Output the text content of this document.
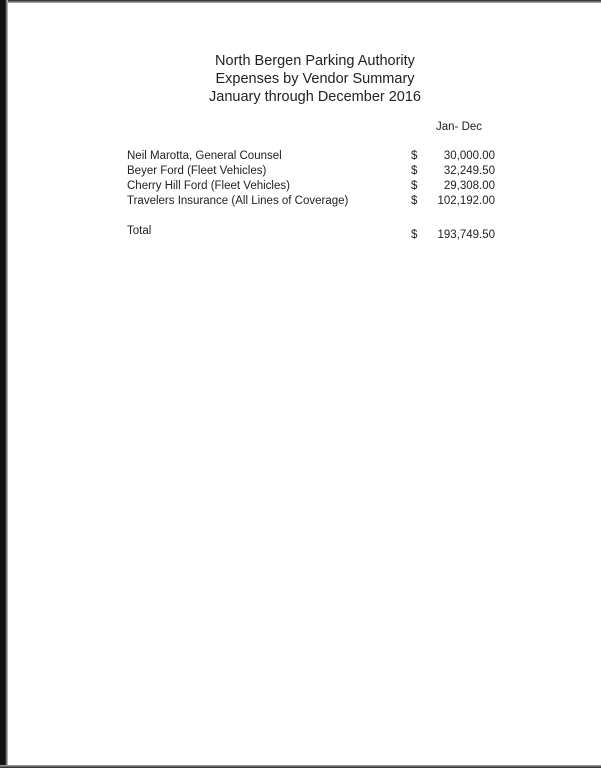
North Bergen Parking Authority
Expenses by Vendor Summary
January through December 2016
Jan- Dec
Neil Marotta, General Counsel	$ 30,000.00
Beyer Ford (Fleet Vehicles)	$ 32,249.50
Cherry Hill Ford (Fleet Vehicles)	$ 29,308.00
Travelers Insurance (All Lines of Coverage)	$ 102,192.00
Total	$ 193,749.50
